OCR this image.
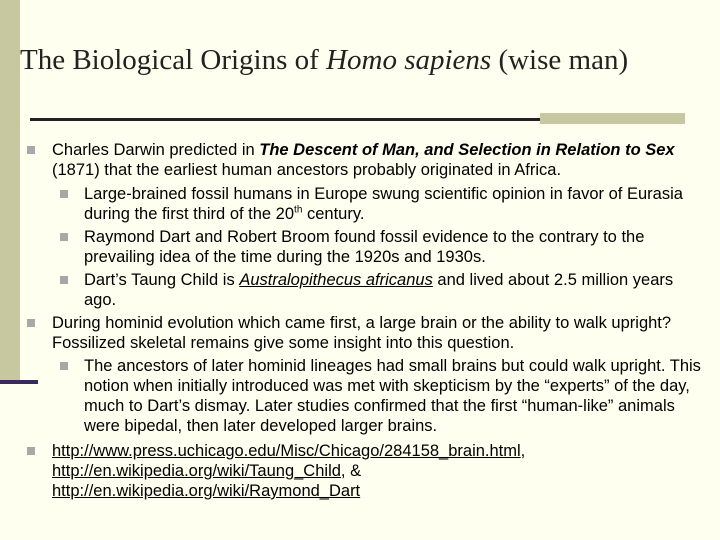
The Biological Origins of Homo sapiens (wise man)
Charles Darwin predicted in The Descent of Man, and Selection in Relation to Sex (1871) that the earliest human ancestors probably originated in Africa.
Large-brained fossil humans in Europe swung scientific opinion in favor of Eurasia during the first third of the 20th century.
Raymond Dart and Robert Broom found fossil evidence to the contrary to the prevailing idea of the time during the 1920s and 1930s.
Dart’s Taung Child is Australopithecus africanus and lived about 2.5 million years ago.
During hominid evolution which came first, a large brain or the ability to walk upright? Fossilized skeletal remains give some insight into this question.
The ancestors of later hominid lineages had small brains but could walk upright. This notion when initially introduced was met with skepticism by the “experts” of the day, much to Dart’s dismay. Later studies confirmed that the first “human-like” animals were bipedal, then later developed larger brains.
http://www.press.uchicago.edu/Misc/Chicago/284158_brain.html,
http://en.wikipedia.org/wiki/Taung_Child, &
http://en.wikipedia.org/wiki/Raymond_Dart
